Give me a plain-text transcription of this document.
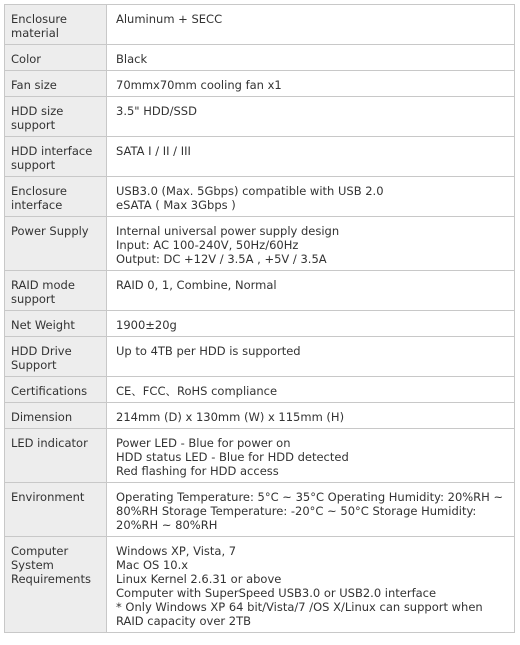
Enclosure material	Aluminum + SECC

Color	Black

Fan size	70mmx70mm cooling fan x1

HDD size support	3.5" HDD/SSD

HDD interface support	SATA I / II / III

Enclosure interface	USB3.0 (Max. 5Gbps) compatible with USB 2.0
eSATA ( Max 3Gbps )

Power Supply	Internal universal power supply design
Input: AC 100-240V, 50Hz/60Hz
Output: DC +12V / 3.5A , +5V / 3.5A

RAID mode support	RAID 0, 1, Combine, Normal

Net Weight	1900±20g

HDD Drive Support	Up to 4TB per HDD is supported

Certifications	CE、FCC、RoHS compliance

Dimension	214mm (D) x 130mm (W) x 115mm (H)

LED indicator	Power LED - Blue for power on
HDD status LED - Blue for HDD detected
Red flashing for HDD access

Environment	Operating Temperature: 5°C ~ 35°C Operating Humidity: 20%RH ~ 80%RH Storage Temperature: -20°C ~ 50°C Storage Humidity: 20%RH ~ 80%RH

Computer System Requirements	Windows XP, Vista, 7
Mac OS 10.x
Linux Kernel 2.6.31 or above
Computer with SuperSpeed USB3.0 or USB2.0 interface
* Only Windows XP 64 bit/Vista/7 /OS X/Linux can support when RAID capacity over 2TB
